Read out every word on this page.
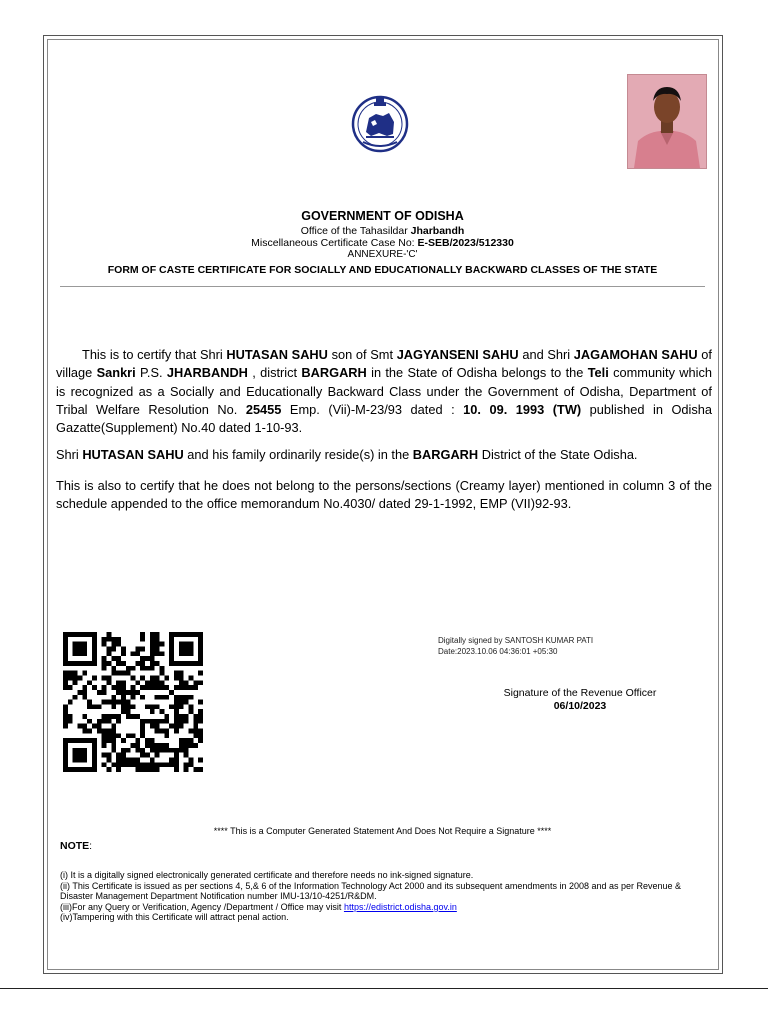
GOVERNMENT OF ODISHA
Office of the Tahasildar Jharbandh
Miscellaneous Certificate Case No: E-SEB/2023/512330
ANNEXURE-'C'
FORM OF CASTE CERTIFICATE FOR SOCIALLY AND EDUCATIONALLY BACKWARD CLASSES OF THE STATE
This is to certify that Shri HUTASAN SAHU son of Smt JAGYANSENI SAHU and Shri JAGAMOHAN SAHU of village Sankri P.S. JHARBANDH , district BARGARH in the State of Odisha belongs to the Teli community which is recognized as a Socially and Educationally Backward Class under the Government of Odisha, Department of Tribal Welfare Resolution No. 25455 Emp. (Vii)-M-23/93 dated : 10. 09. 1993 (TW) published in Odisha Gazatte(Supplement) No.40 dated 1-10-93.
Shri HUTASAN SAHU and his family ordinarily reside(s) in the BARGARH District of the State Odisha.
This is also to certify that he does not belong to the persons/sections (Creamy layer) mentioned in column 3 of the schedule appended to the office memorandum No.4030/ dated 29-1-1992, EMP (VII)92-93.
Digitally signed by SANTOSH KUMAR PATI
Date:2023.10.06 04:36:01 +05:30
Signature of the Revenue Officer
06/10/2023
**** This is a Computer Generated Statement And Does Not Require a Signature ****
NOTE:
(i) It is a digitally signed electronically generated certificate and therefore needs no ink-signed signature.
(ii) This Certificate is issued as per sections 4, 5,& 6 of the Information Technology Act 2000 and its subsequent amendments in 2008 and as per Revenue & Disaster Management Department Notification number IMU-13/10-4251/R&DM.
(iii)For any Query or Verification, Agency /Department / Office may visit https://edistrict.odisha.gov.in
(iv)Tampering with this Certificate will attract penal action.
